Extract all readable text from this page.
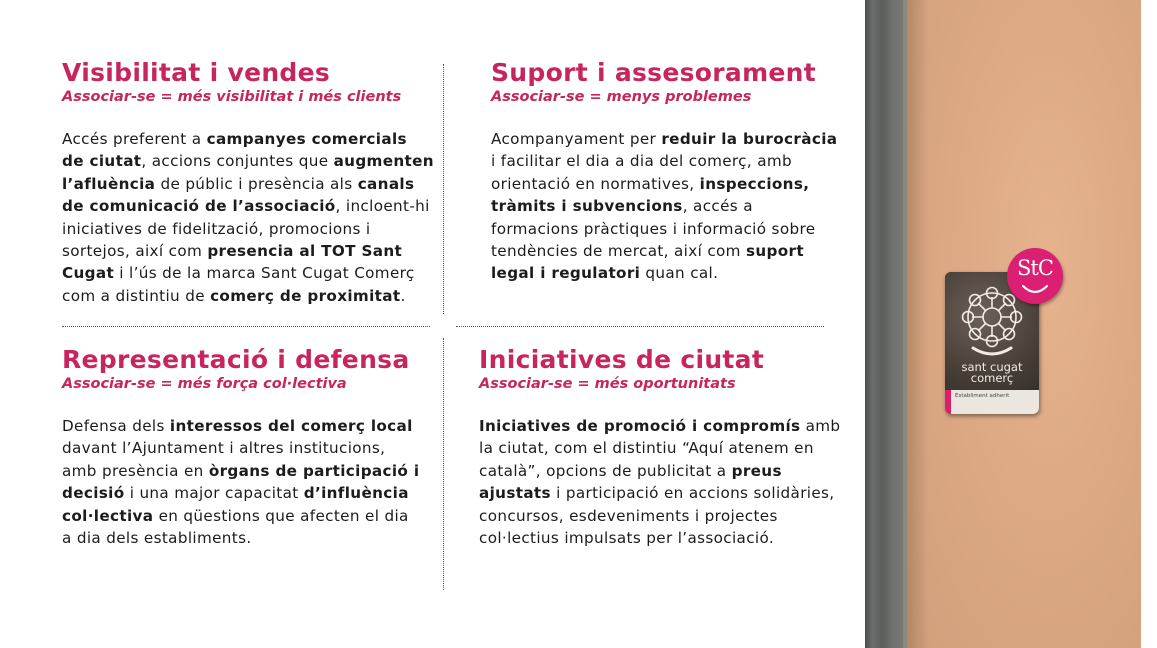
Visibilitat i vendes
Associar-se = més visibilitat i més clients
Accés preferent a campanyes comercials de ciutat, accions conjuntes que augmenten l’afluència de públic i presència als canals de comunicació de l’associació, incloent-hi iniciatives de fidelització, promocions i sortejos, així com presencia al TOT Sant Cugat i l’ús de la marca Sant Cugat Comerç com a distintiu de comerç de proximitat.
Suport i assesorament
Associar-se = menys problemes
Acompanyament per reduir la burocràcia i facilitar el dia a dia del comerç, amb orientació en normatives, inspeccions, tràmits i subvencions, accés a formacions pràctiques i informació sobre tendències de mercat, així com suport legal i regulatori quan cal.
Representació i defensa
Associar-se = més força col·lectiva
Defensa dels interessos del comerç local davant l’Ajuntament i altres institucions, amb presència en òrgans de participació i decisió i una major capacitat d’influència col·lectiva en qüestions que afecten el dia a dia dels establiments.
Iniciatives de ciutat
Associar-se = més oportunitats
Iniciatives de promoció i compromís amb la ciutat, com el distintiu “Aquí atenem en català”, opcions de publicitat a preus ajustats i participació en accions solidàries, concursos, esdeveniments i projectes col·lectius impulsats per l’associació.
sant cugat
comerç
Establiment adherit
StC
